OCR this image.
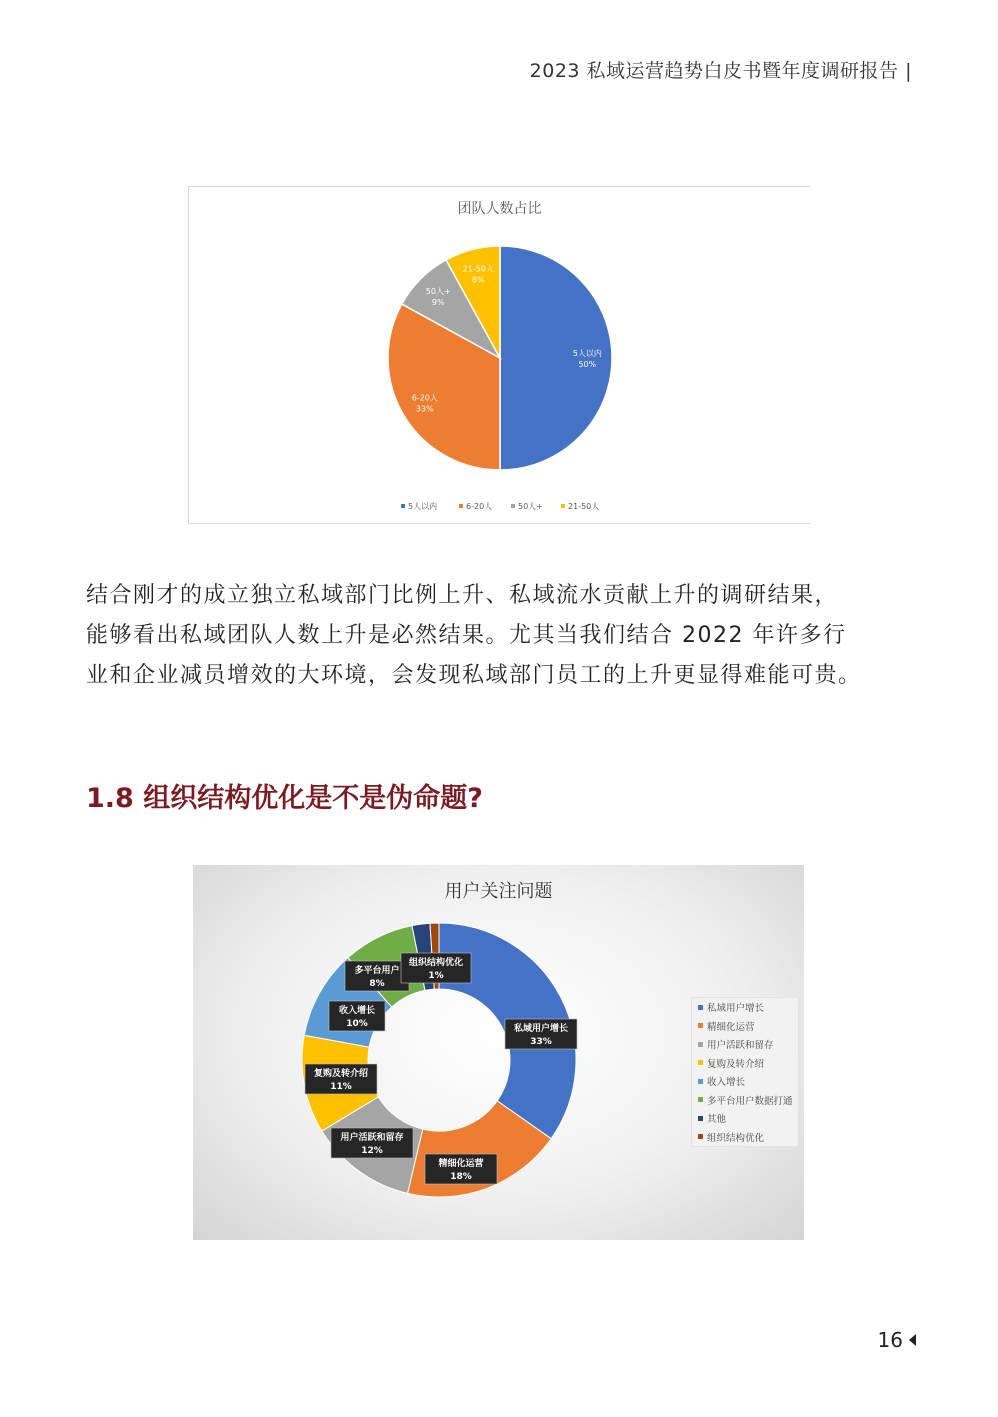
2023 私域运营趋势白皮书暨年度调研报告 |
团队人数占比
5人以内
50%
6-20人
33%
50人+
9%
21-50人
8%
5人以内	6-20人	50人+	21-50人
结合刚才的成立独立私域部门比例上升、私域流水贡献上升的调研结果，
能够看出私域团队人数上升是必然结果。尤其当我们结合 2022 年许多行
业和企业减员增效的大环境，会发现私域部门员工的上升更显得难能可贵。
1.8 组织结构优化是不是伪命题?
用户关注问题
私域用户增长
33%
精细化运营
18%
用户活跃和留存
12%
复购及转介绍
11%
收入增长
10%
多平台用户
8%
组织结构优化
1%
私域用户增长
精细化运营
用户活跃和留存
复购及转介绍
收入增长
多平台用户数据打通
其他
组织结构优化
16
